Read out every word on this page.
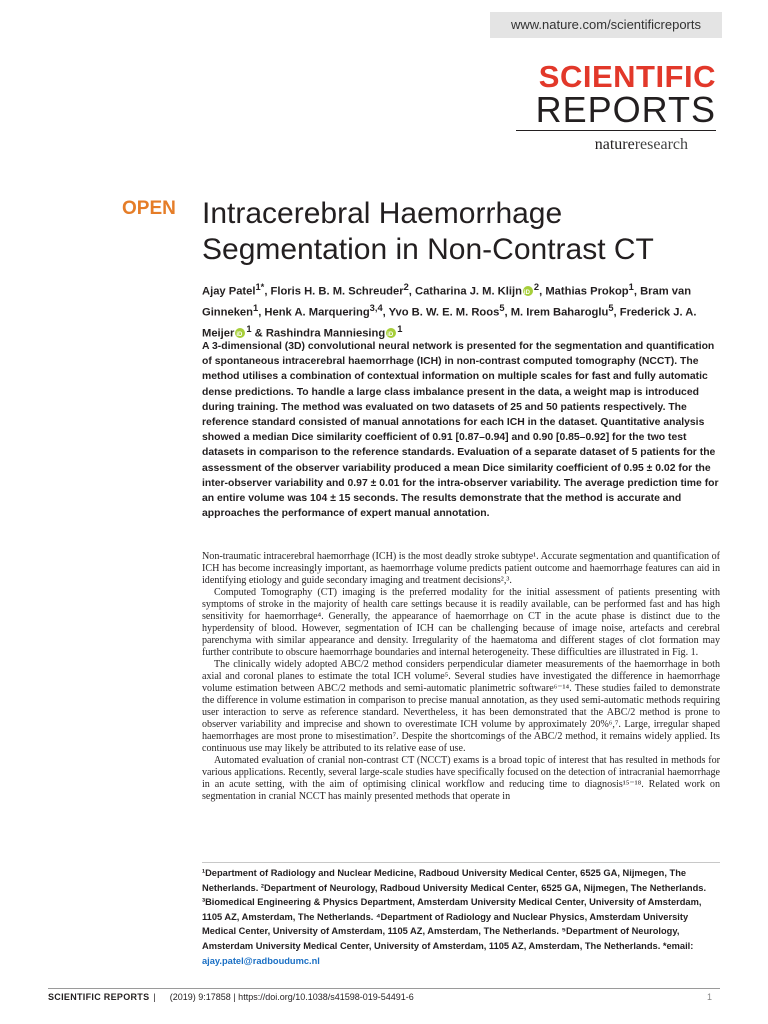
www.nature.com/scientificreports
SCIENTIFIC
REPORTS
natureresearch
OPEN Intracerebral Haemorrhage Segmentation in Non-Contrast CT
Ajay Patel$^{1*}$, Floris H. B. M. Schreuder$^2$, Catharina J. M. Klijn iD $^2$, Mathias Prokop$^1$, Bram van Ginneken$^1$, Henk A. Marquering$^{3,4}$, Yvo B. W. E. M. Roos$^5$, M. Irem Baharoglu$^5$, Frederick J. A. Meijer iD $^1$ & Rashindra Manniesing iD $^1$

A 3-dimensional (3D) convolutional neural network is presented for the segmentation and quantification of spontaneous intracerebral haemorrhage (ICH) in non-contrast computed tomography (NCCT). The method utilises a combination of contextual information on multiple scales for fast and fully automatic dense predictions. To handle a large class imbalance present in the data, a weight map is introduced during training. The method was evaluated on two datasets of 25 and 50 patients respectively. The reference standard consisted of manual annotations for each ICH in the dataset. Quantitative analysis showed a median Dice similarity coefficient of 0.91 [0.87–0.94] and 0.90 [0.85–0.92] for the two test datasets in comparison to the reference standards. Evaluation of a separate dataset of 5 patients for the assessment of the observer variability produced a mean Dice similarity coefficient of 0.95 ± 0.02 for the inter-observer variability and 0.97 ± 0.01 for the intra-observer variability. The average prediction time for an entire volume was 104 ± 15 seconds. The results demonstrate that the method is accurate and approaches the performance of expert manual annotation.

Non-traumatic intracerebral haemorrhage (ICH) is the most deadly stroke subtype¹. Accurate segmentation and quantification of ICH has become increasingly important, as haemorrhage volume predicts patient outcome and haemorrhage features can aid in identifying etiology and guide secondary imaging and treatment decisions²,³.

Computed Tomography (CT) imaging is the preferred modality for the initial assessment of patients presenting with symptoms of stroke in the majority of health care settings because it is readily available, can be performed fast and has high sensitivity for haemorrhage⁴. Generally, the appearance of haemorrhage on CT in the acute phase is distinct due to the hyperdensity of blood. However, segmentation of ICH can be challenging because of image noise, artefacts and cerebral parenchyma with similar appearance and density. Irregularity of the haematoma and different stages of clot formation may further contribute to obscure haemorrhage boundaries and internal heterogeneity. These difficulties are illustrated in Fig. 1.

The clinically widely adopted ABC/2 method considers perpendicular diameter measurements of the haemorrhage in both axial and coronal planes to estimate the total ICH volume⁵. Several studies have investigated the difference in haemorrhage volume estimation between ABC/2 methods and semi-automatic planimetric software⁶⁻¹⁴. These studies failed to demonstrate the difference in volume estimation in comparison to precise manual annotation, as they used semi-automatic methods requiring user interaction to serve as reference standard. Nevertheless, it has been demonstrated that the ABC/2 method is prone to observer variability and imprecise and shown to overestimate ICH volume by approximately 20%⁶,⁷. Large, irregular shaped haemorrhages are most prone to misestimation⁷. Despite the shortcomings of the ABC/2 method, it remains widely applied. Its continuous use may likely be attributed to its relative ease of use.

Automated evaluation of cranial non-contrast CT (NCCT) exams is a broad topic of interest that has resulted in methods for various applications. Recently, several large-scale studies have specifically focused on the detection of intracranial haemorrhage in an acute setting, with the aim of optimising clinical workflow and reducing time to diagnosis¹⁵⁻¹⁸. Related work on segmentation in cranial NCCT has mainly presented methods that operate in

¹Department of Radiology and Nuclear Medicine, Radboud University Medical Center, 6525 GA, Nijmegen, The Netherlands. ²Department of Neurology, Radboud University Medical Center, 6525 GA, Nijmegen, The Netherlands. ³Biomedical Engineering & Physics Department, Amsterdam University Medical Center, University of Amsterdam, 1105 AZ, Amsterdam, The Netherlands. ⁴Department of Radiology and Nuclear Physics, Amsterdam University Medical Center, University of Amsterdam, 1105 AZ, Amsterdam, The Netherlands. ⁵Department of Neurology, Amsterdam University Medical Center, University of Amsterdam, 1105 AZ, Amsterdam, The Netherlands. *email: ajay.patel@radboudumc.nl
SCIENTIFIC REPORTS | (2019) 9:17858 | https://doi.org/10.1038/s41598-019-54491-6	1
